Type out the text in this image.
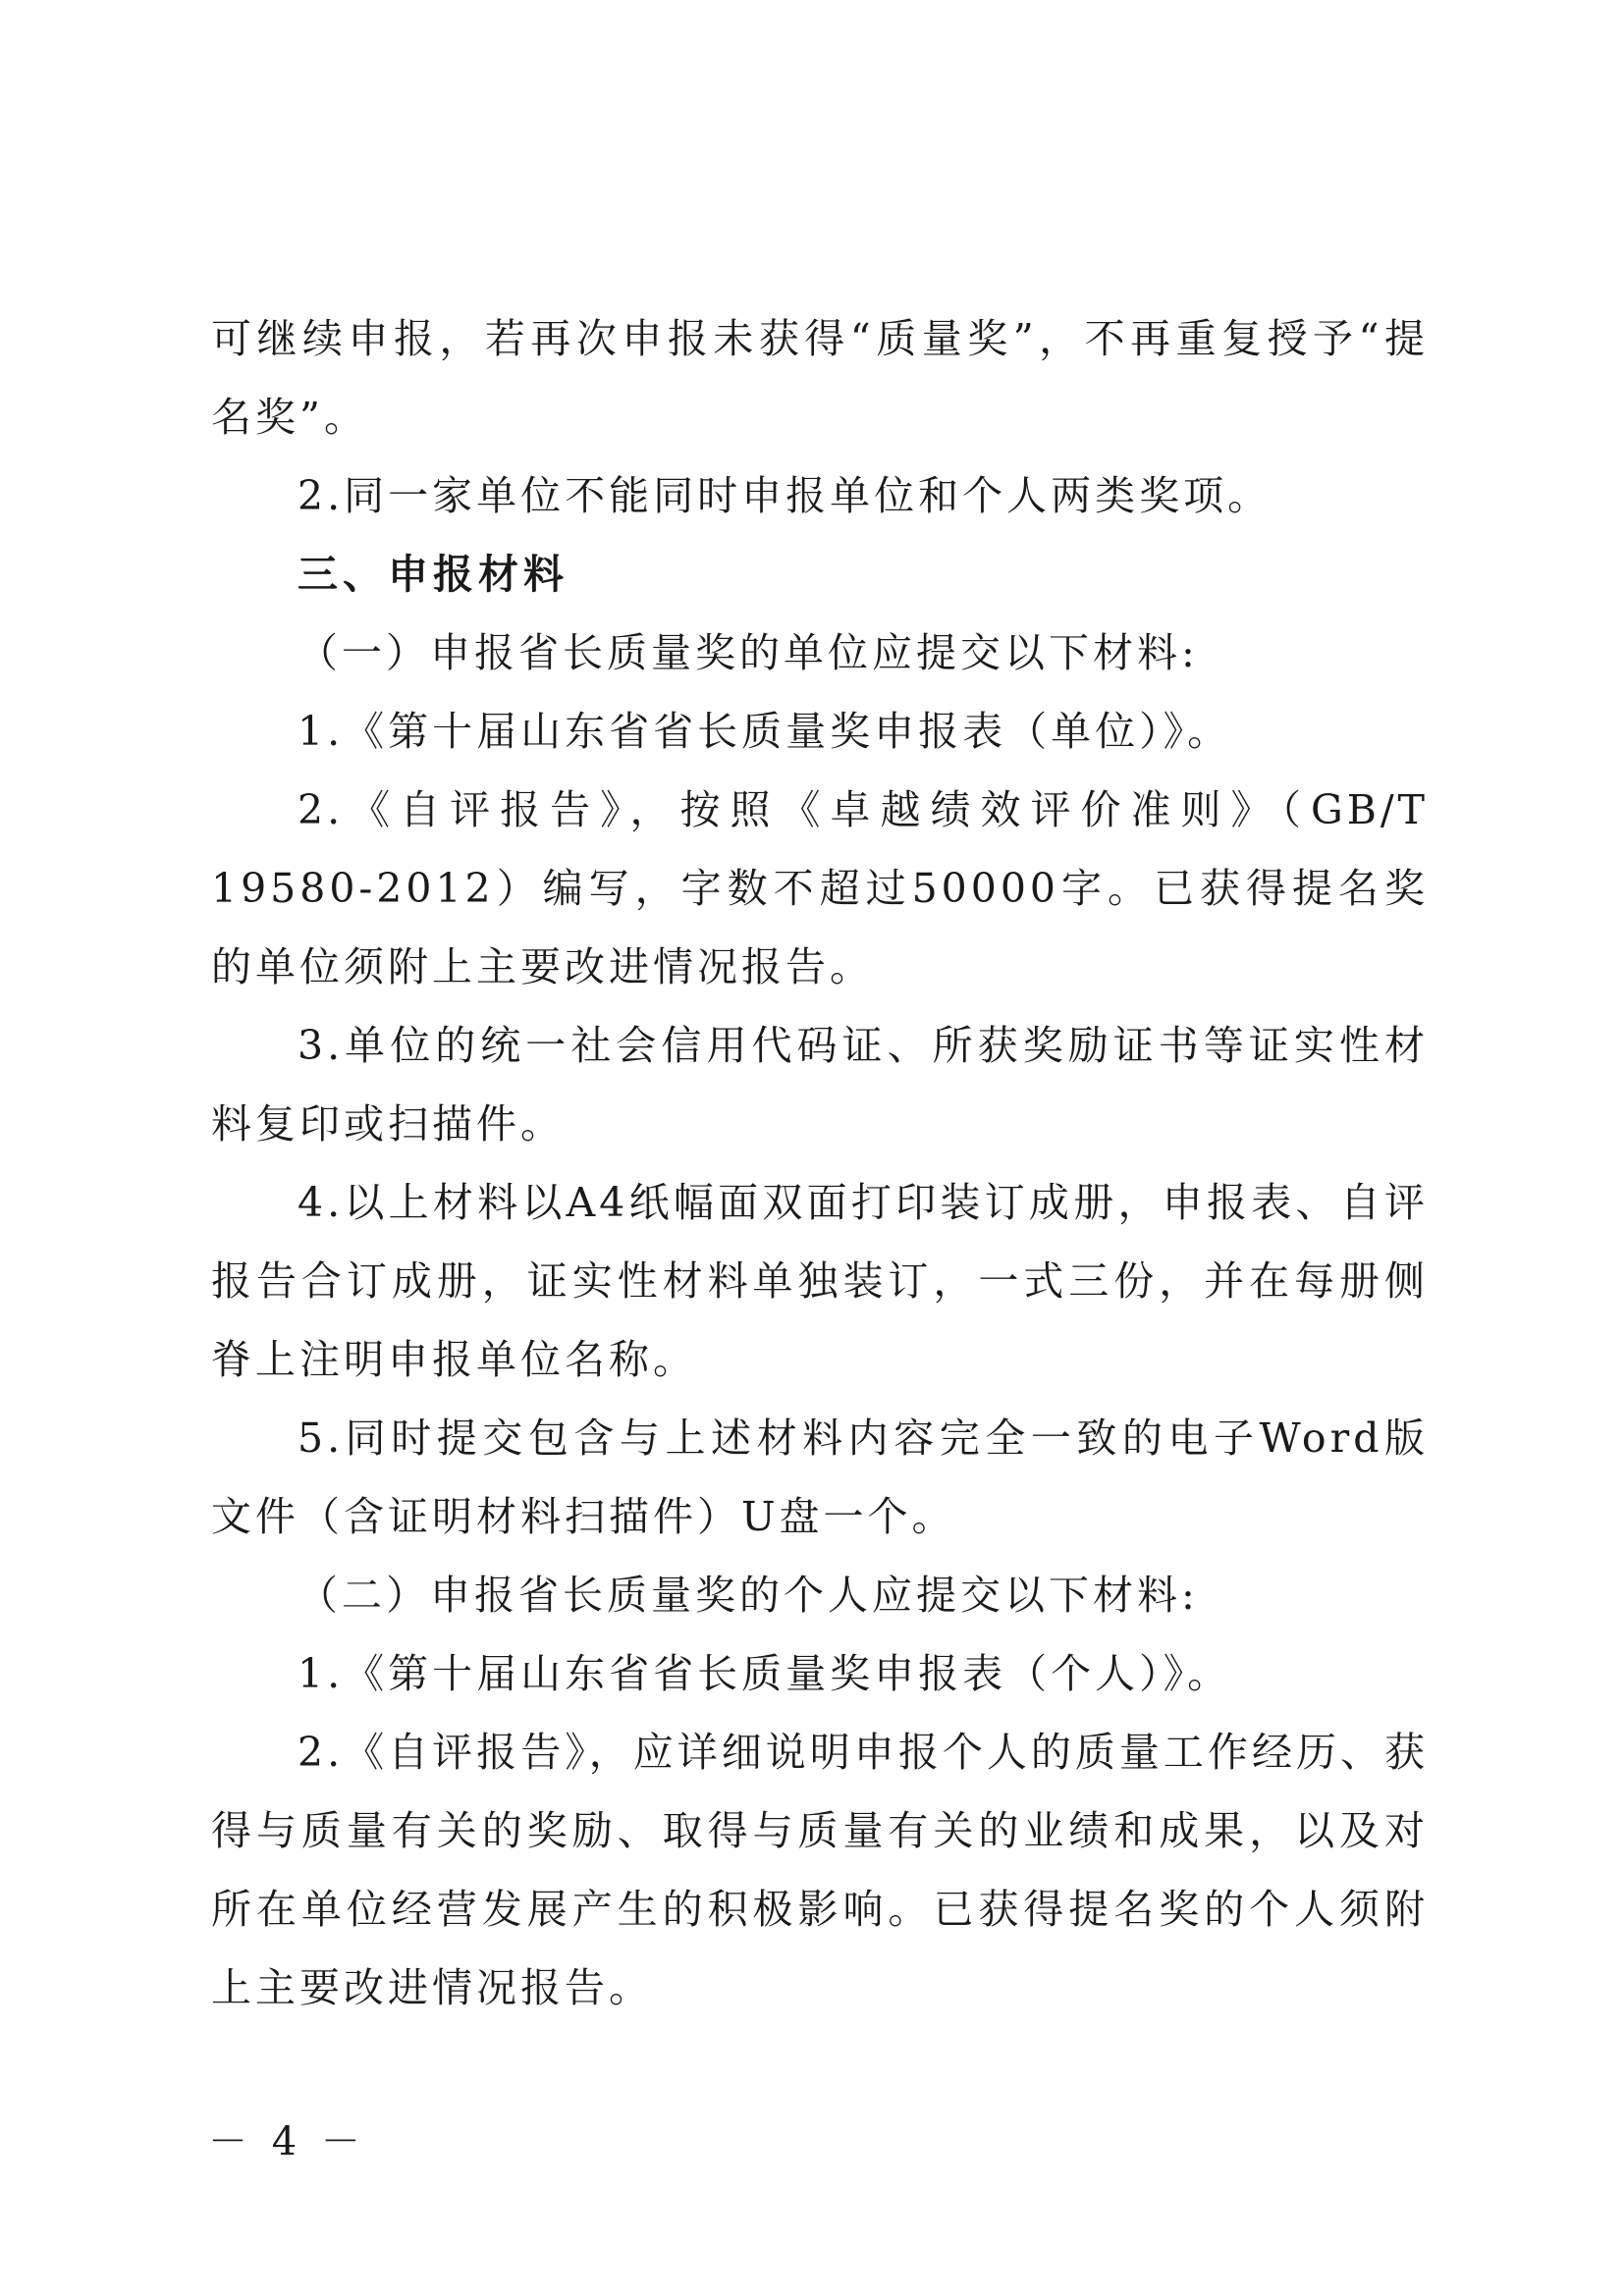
可继续申报，若再次申报未获得“质量奖”，不再重复授予“提名奖”。

2.同一家单位不能同时申报单位和个人两类奖项。

三、申报材料

（一）申报省长质量奖的单位应提交以下材料:

1.《第十届山东省省长质量奖申报表（单位）》。

2.《自评报告》，按照《卓越绩效评价准则》（GB/T 19580-2012）编写，字数不超过50000字。已获得提名奖的单位须附上主要改进情况报告。

3.单位的统一社会信用代码证、所获奖励证书等证实性材料复印或扫描件。

4.以上材料以A4纸幅面双面打印装订成册，申报表、自评报告合订成册，证实性材料单独装订，一式三份，并在每册侧脊上注明申报单位名称。

5.同时提交包含与上述材料内容完全一致的电子Word版文件（含证明材料扫描件）U盘一个。

（二）申报省长质量奖的个人应提交以下材料:

1.《第十届山东省省长质量奖申报表（个人）》。

2.《自评报告》，应详细说明申报个人的质量工作经历、获得与质量有关的奖励、取得与质量有关的业绩和成果，以及对所在单位经营发展产生的积极影响。已获得提名奖的个人须附上主要改进情况报告。

－ 4 －
